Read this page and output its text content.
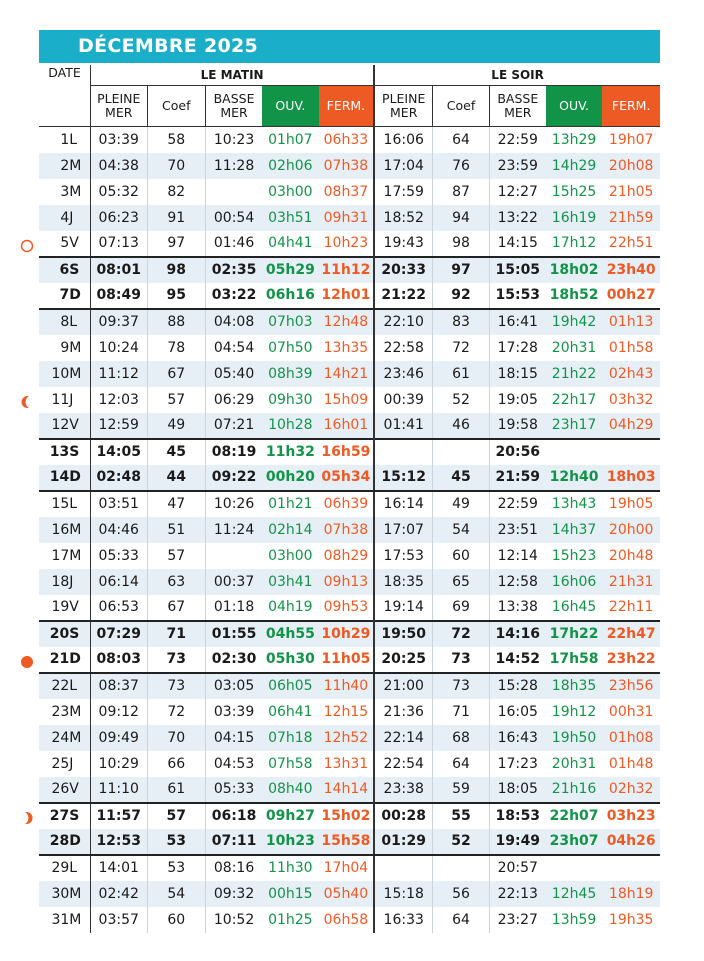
DÉCEMBRE 2025
DATE		LE MATIN					LE SOIR				
		PLEINE MER	Coef	BASSE MER	OUV.	FERM.	PLEINE MER	Coef	BASSE MER	OUV.	FERM.
1	L	03:39	58	10:23	01h07	06h33	16:06	64	22:59	13h29	19h07
2	M	04:38	70	11:28	02h06	07h38	17:04	76	23:59	14h29	20h08
3	M	05:32	82		03h00	08h37	17:59	87	12:27	15h25	21h05
4	J	06:23	91	00:54	03h51	09h31	18:52	94	13:22	16h19	21h59
5	V	07:13	97	01:46	04h41	10h23	19:43	98	14:15	17h12	22h51
6	S	08:01	98	02:35	05h29	11h12	20:33	97	15:05	18h02	23h40
7	D	08:49	95	03:22	06h16	12h01	21:22	92	15:53	18h52	00h27
8	L	09:37	88	04:08	07h03	12h48	22:10	83	16:41	19h42	01h13
9	M	10:24	78	04:54	07h50	13h35	22:58	72	17:28	20h31	01h58
10	M	11:12	67	05:40	08h39	14h21	23:46	61	18:15	21h22	02h43
11	J	12:03	57	06:29	09h30	15h09	00:39	52	19:05	22h17	03h32
12	V	12:59	49	07:21	10h28	16h01	01:41	46	19:58	23h17	04h29
13	S	14:05	45	08:19	11h32	16h59			20:56		
14	D	02:48	44	09:22	00h20	05h34	15:12	45	21:59	12h40	18h03
15	L	03:51	47	10:26	01h21	06h39	16:14	49	22:59	13h43	19h05
16	M	04:46	51	11:24	02h14	07h38	17:07	54	23:51	14h37	20h00
17	M	05:33	57		03h00	08h29	17:53	60	12:14	15h23	20h48
18	J	06:14	63	00:37	03h41	09h13	18:35	65	12:58	16h06	21h31
19	V	06:53	67	01:18	04h19	09h53	19:14	69	13:38	16h45	22h11
20	S	07:29	71	01:55	04h55	10h29	19:50	72	14:16	17h22	22h47
21	D	08:03	73	02:30	05h30	11h05	20:25	73	14:52	17h58	23h22
22	L	08:37	73	03:05	06h05	11h40	21:00	73	15:28	18h35	23h56
23	M	09:12	72	03:39	06h41	12h15	21:36	71	16:05	19h12	00h31
24	M	09:49	70	04:15	07h18	12h52	22:14	68	16:43	19h50	01h08
25	J	10:29	66	04:53	07h58	13h31	22:54	64	17:23	20h31	01h48
26	V	11:10	61	05:33	08h40	14h14	23:38	59	18:05	21h16	02h32
27	S	11:57	57	06:18	09h27	15h02	00:28	55	18:53	22h07	03h23
28	D	12:53	53	07:11	10h23	15h58	01:29	52	19:49	23h07	04h26
29	L	14:01	53	08:16	11h30	17h04			20:57		
30	M	02:42	54	09:32	00h15	05h40	15:18	56	22:13	12h45	18h19
31	M	03:57	60	10:52	01h25	06h58	16:33	64	23:27	13h59	19h35
